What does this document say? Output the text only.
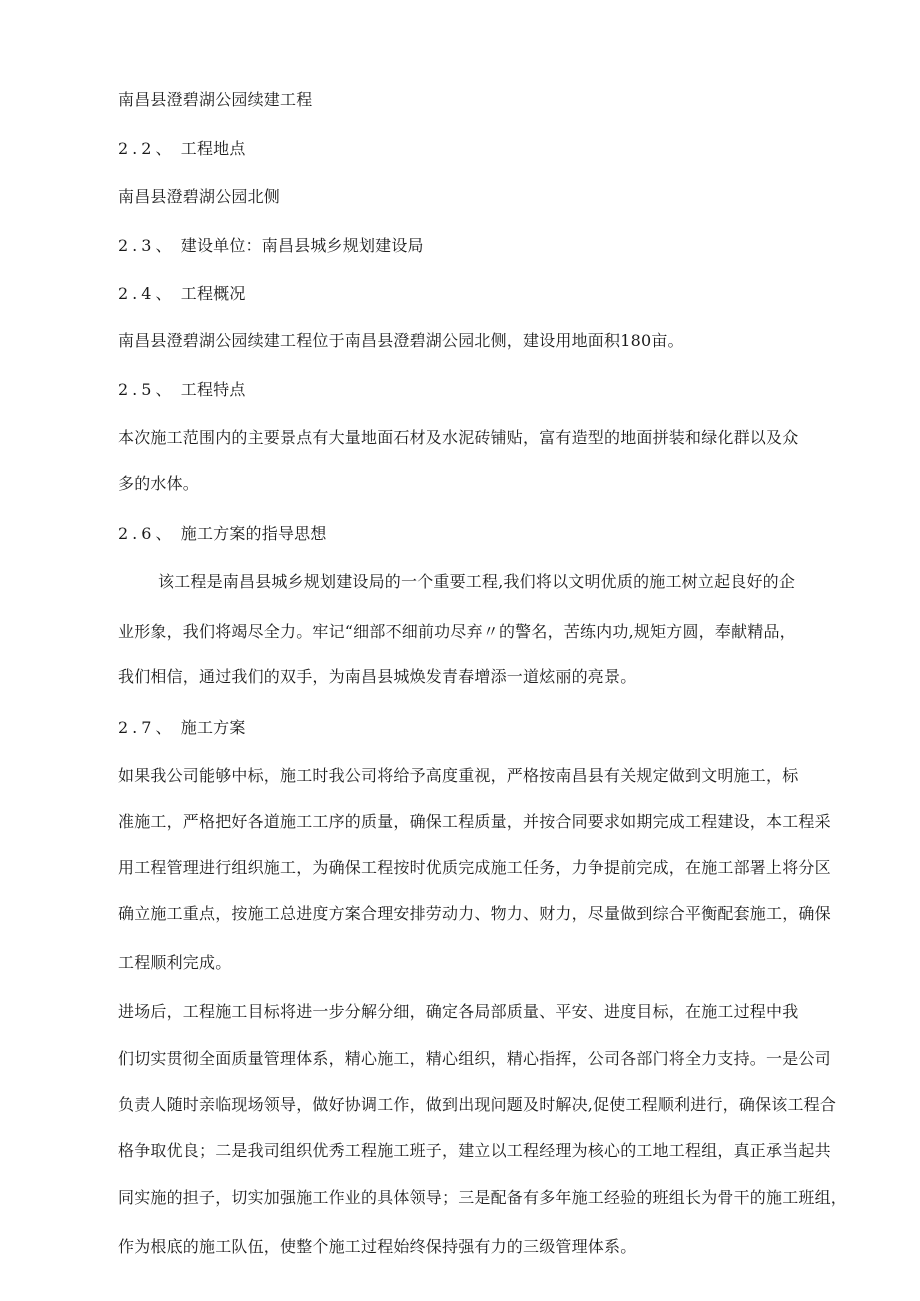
南昌县澄碧湖公园续建工程
2.2、 工程地点
南昌县澄碧湖公园北侧
2.3、 建设单位：南昌县城乡规划建设局
2.4、 工程概况
南昌县澄碧湖公园续建工程位于南昌县澄碧湖公园北侧，建设用地面积180亩。
2.5、 工程特点
本次施工范围内的主要景点有大量地面石材及水泥砖铺贴，富有造型的地面拼装和绿化群以及众
多的水体。
2.6、 施工方案的指导思想
该工程是南昌县城乡规划建设局的一个重要工程,我们将以文明优质的施工树立起良好的企
业形象，我们将竭尽全力。牢记“细部不细前功尽弃〃的警名，苦练内功,规矩方圆，奉献精品，
我们相信，通过我们的双手，为南昌县城焕发青春增添一道炫丽的亮景。
2.7、 施工方案
如果我公司能够中标，施工时我公司将给予高度重视，严格按南昌县有关规定做到文明施工，标
准施工，严格把好各道施工工序的质量，确保工程质量，并按合同要求如期完成工程建设，本工程采
用工程管理进行组织施工，为确保工程按时优质完成施工任务，力争提前完成，在施工部署上将分区
确立施工重点，按施工总进度方案合理安排劳动力、物力、财力，尽量做到综合平衡配套施工，确保
工程顺利完成。
进场后，工程施工目标将进一步分解分细，确定各局部质量、平安、进度目标，在施工过程中我
们切实贯彻全面质量管理体系，精心施工，精心组织，精心指挥，公司各部门将全力支持。一是公司
负责人随时亲临现场领导，做好协调工作，做到出现问题及时解决,促使工程顺利进行，确保该工程合
格争取优良；二是我司组织优秀工程施工班子，建立以工程经理为核心的工地工程组，真正承当起共
同实施的担子，切实加强施工作业的具体领导；三是配备有多年施工经验的班组长为骨干的施工班组，
作为根底的施工队伍，使整个施工过程始终保持强有力的三级管理体系。
